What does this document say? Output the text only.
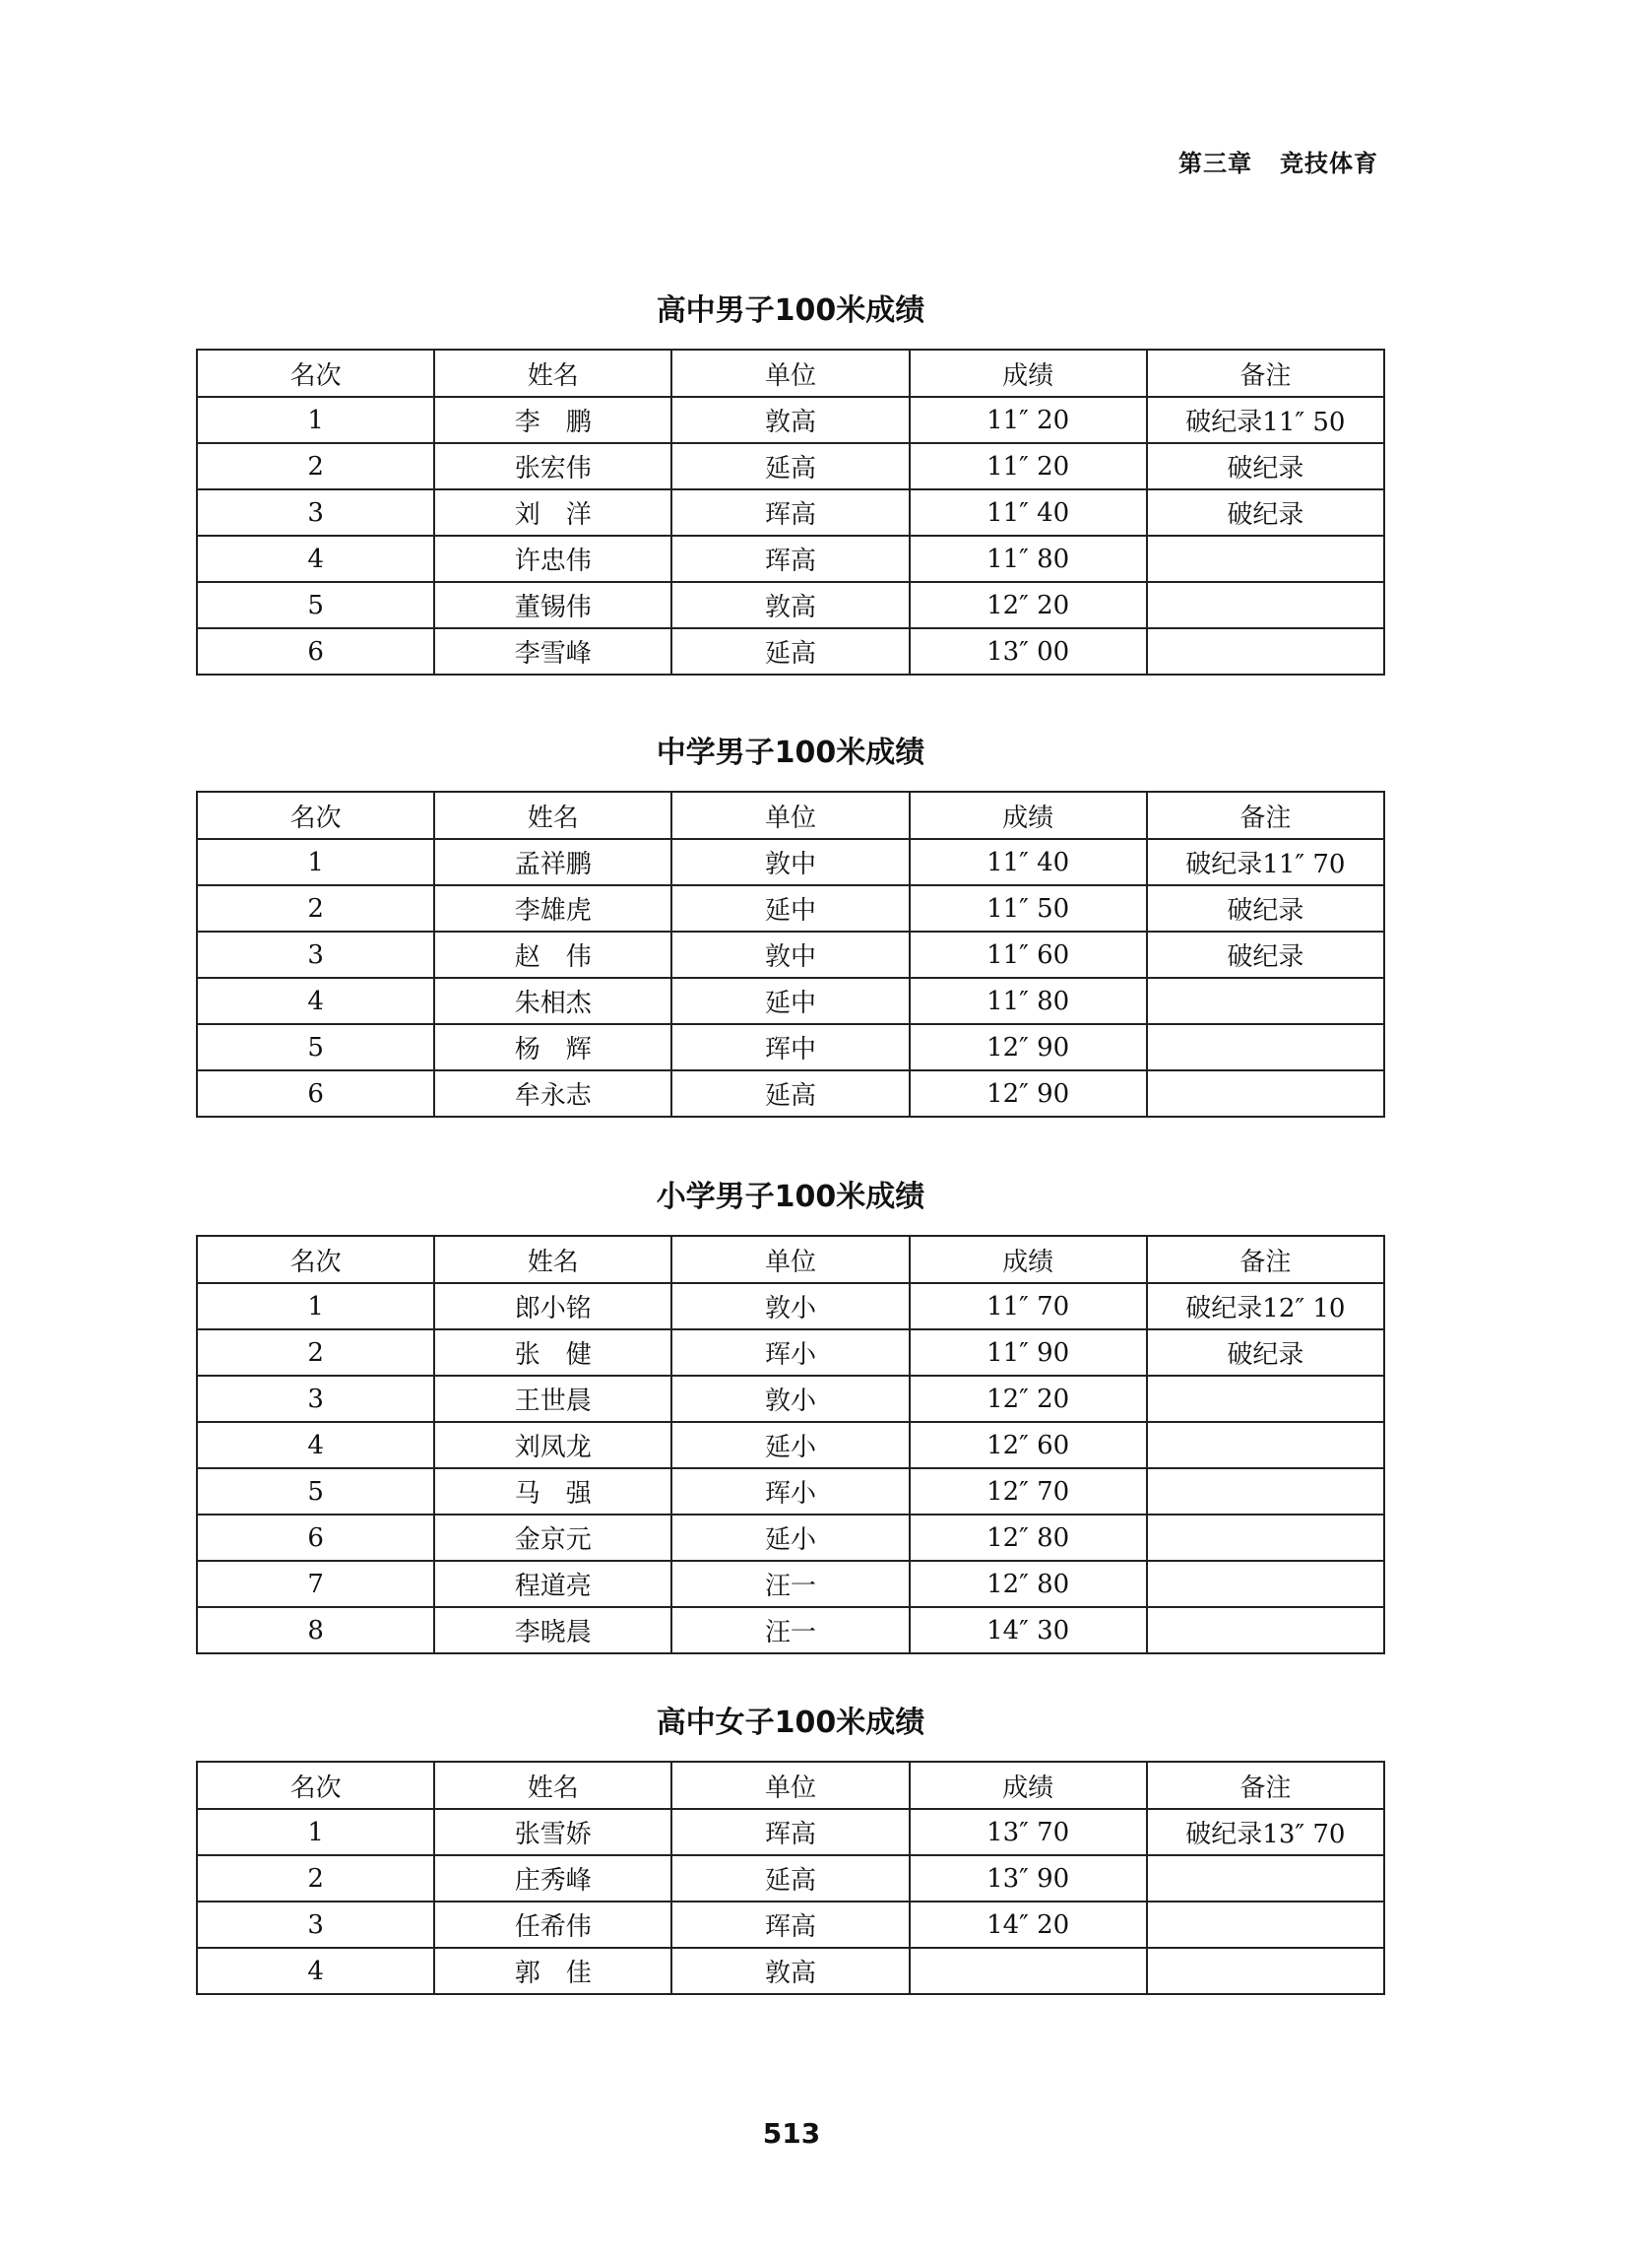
第三章 竞技体育
高中男子100米成绩
名次	姓名	单位	成绩	备注
1	李　鹏	敦高	11″ 20	破纪录11″ 50
2	张宏伟	延高	11″ 20	破纪录
3	刘　洋	珲高	11″ 40	破纪录
4	许忠伟	珲高	11″ 80	
5	董锡伟	敦高	12″ 20	
6	李雪峰	延高	13″ 00	
中学男子100米成绩
名次	姓名	单位	成绩	备注
1	孟祥鹏	敦中	11″ 40	破纪录11″ 70
2	李雄虎	延中	11″ 50	破纪录
3	赵　伟	敦中	11″ 60	破纪录
4	朱相杰	延中	11″ 80	
5	杨　辉	珲中	12″ 90	
6	牟永志	延高	12″ 90	
小学男子100米成绩
名次	姓名	单位	成绩	备注
1	郎小铭	敦小	11″ 70	破纪录12″ 10
2	张　健	珲小	11″ 90	破纪录
3	王世晨	敦小	12″ 20	
4	刘凤龙	延小	12″ 60	
5	马　强	珲小	12″ 70	
6	金京元	延小	12″ 80	
7	程道亮	汪一	12″ 80	
8	李晓晨	汪一	14″ 30	
高中女子100米成绩
名次	姓名	单位	成绩	备注
1	张雪娇	珲高	13″ 70	破纪录13″ 70
2	庄秀峰	延高	13″ 90	
3	任希伟	珲高	14″ 20	
4	郭　佳	敦高		
513
